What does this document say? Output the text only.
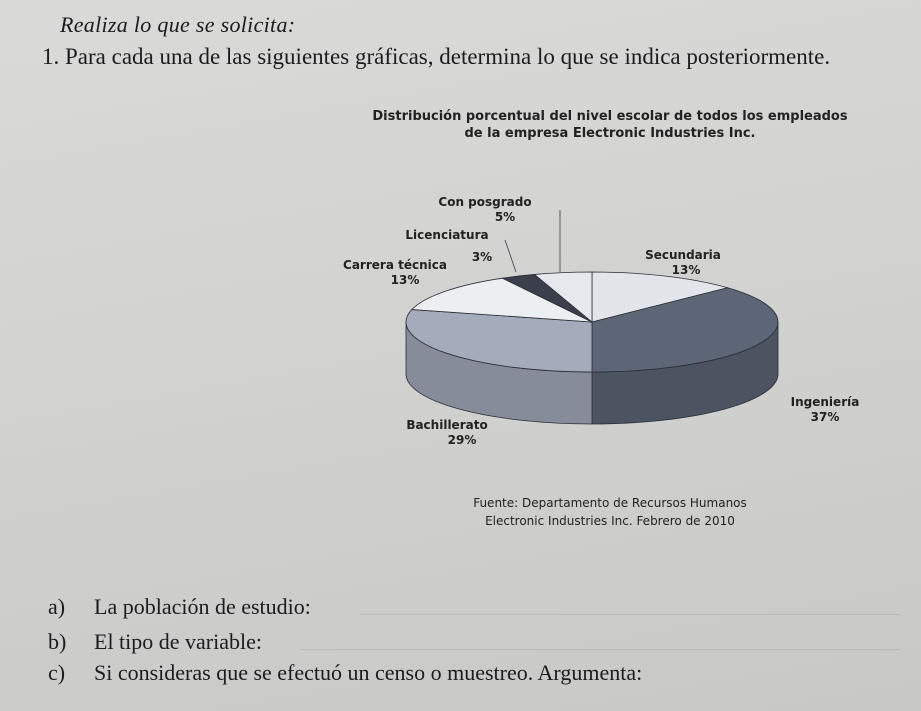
Realiza lo que se solicita:
1. Para cada una de las siguientes gráficas, determina lo que se indica posteriormente.
Distribución porcentual del nivel escolar de todos los empleados
de la empresa Electronic Industries Inc.
Con posgrado
5%
Licenciatura
3%
Carrera técnica
13%
Secundaria
13%
Ingeniería
37%
Bachillerato
29%
Fuente: Departamento de Recursos Humanos
Electronic Industries Inc. Febrero de 2010
a) La población de estudio:
b) El tipo de variable:
c) Si consideras que se efectuó un censo o muestreo. Argumenta:
